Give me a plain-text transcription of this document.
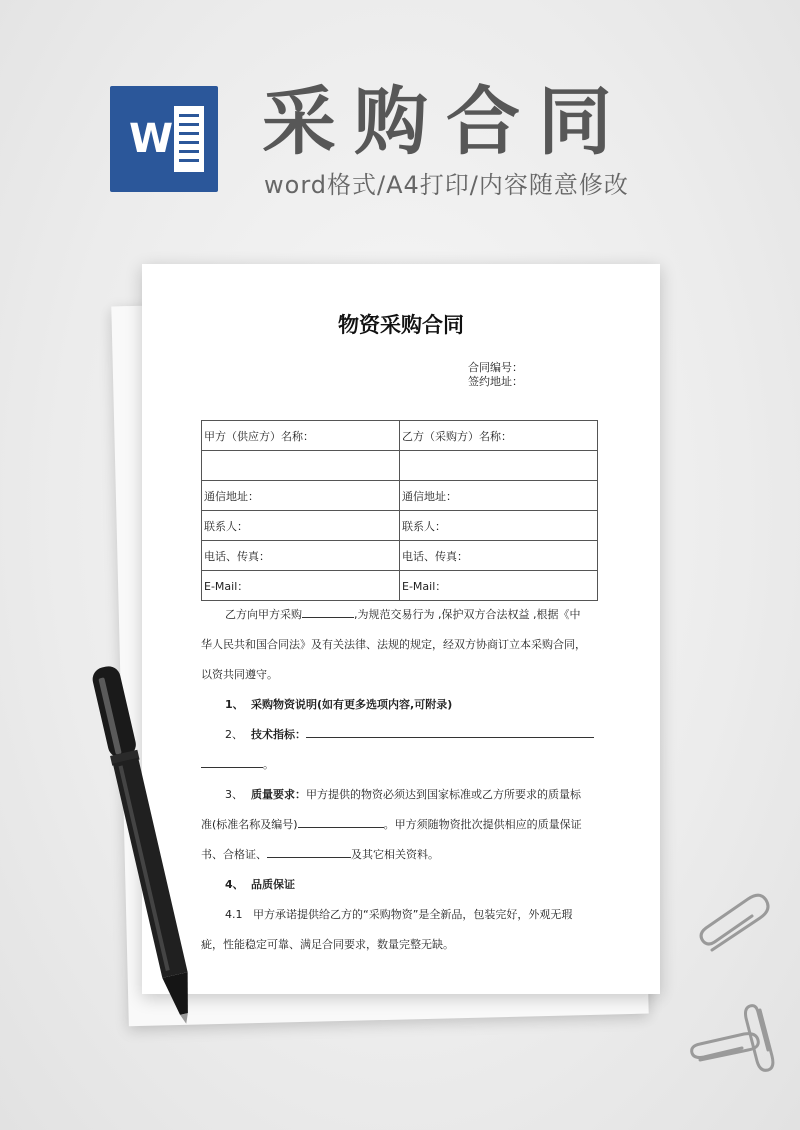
W 采购合同
word格式/A4打印/内容随意修改
物资采购合同
合同编号：
签约地址：
甲方（供应方）名称：	乙方（采购方）名称：

通信地址：	通信地址：
联系人：	联系人：
电话、传真：	电话、传真：
E-Mail：	E-Mail：

乙方向甲方采购	,为规范交易行为 ,保护双方合法权益 ,根据《中

华人民共和国合同法》及有关法律、法规的规定，经双方协商订立本采购合同，

以资共同遵守。

1、 采购物资说明(如有更多选项内容,可附录)

2、 技术指标：

。

3、 质量要求：甲方提供的物资必须达到国家标准或乙方所要求的质量标

准(标准名称及编号)	。甲方须随物资批次提供相应的质量保证

书、合格证、	及其它相关资料。

4、 品质保证

4.1 甲方承诺提供给乙方的“采购物资”是全新品，包装完好，外观无瑕

疵，性能稳定可靠、满足合同要求，数量完整无缺。
